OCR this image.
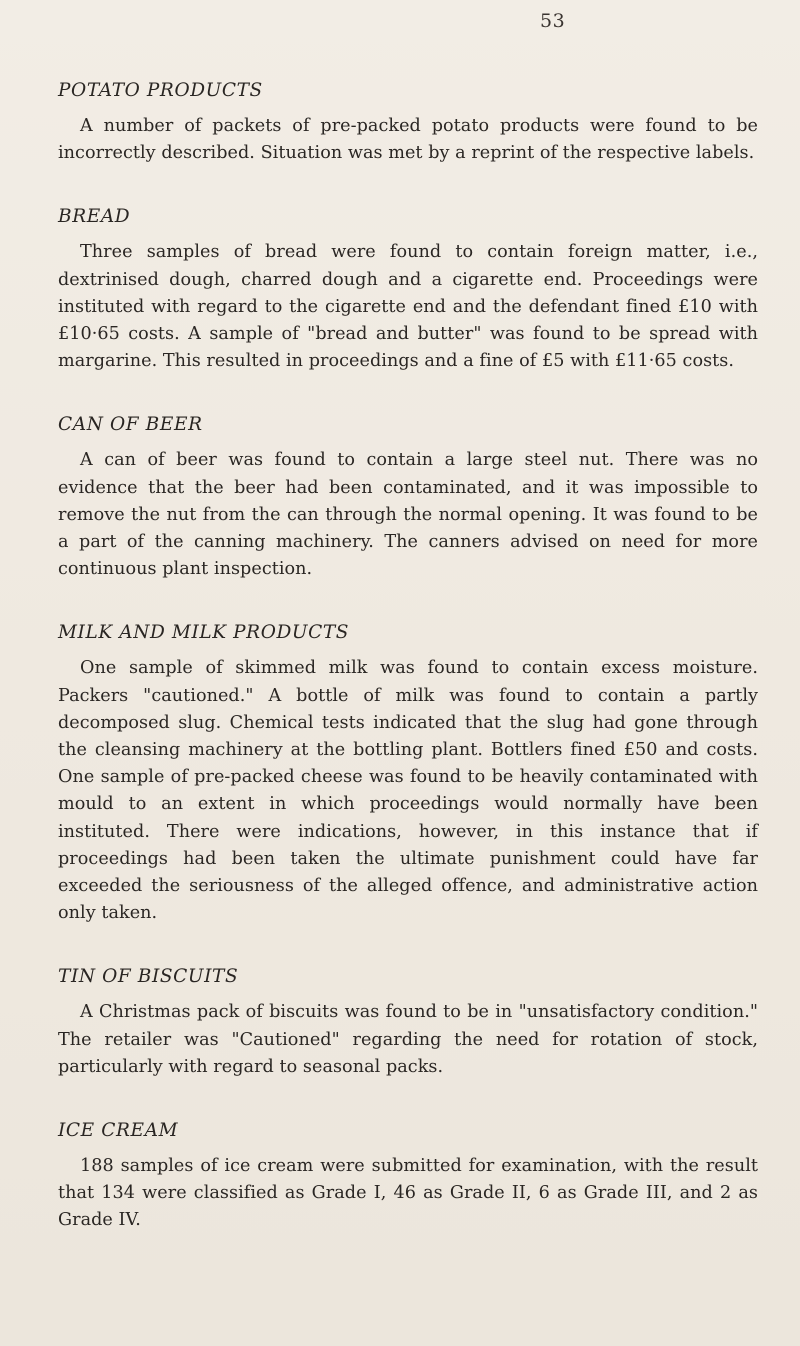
53
POTATO PRODUCTS

A number of packets of pre-packed potato products were found to be incorrectly described. Situation was met by a reprint of the respective labels.

BREAD

Three samples of bread were found to contain foreign matter, i.e., dextrinised dough, charred dough and a cigarette end. Proceedings were instituted with regard to the cigarette end and the defendant fined £10 with £10·65 costs. A sample of "bread and butter" was found to be spread with margarine. This resulted in proceedings and a fine of £5 with £11·65 costs.

CAN OF BEER

A can of beer was found to contain a large steel nut. There was no evidence that the beer had been contaminated, and it was impossible to remove the nut from the can through the normal opening. It was found to be a part of the canning machinery. The canners advised on need for more continuous plant inspection.

MILK AND MILK PRODUCTS

One sample of skimmed milk was found to contain excess moisture. Packers "cautioned." A bottle of milk was found to contain a partly decomposed slug. Chemical tests indicated that the slug had gone through the cleansing machinery at the bottling plant. Bottlers fined £50 and costs. One sample of pre-packed cheese was found to be heavily contaminated with mould to an extent in which proceedings would normally have been instituted. There were indications, however, in this instance that if proceedings had been taken the ultimate punishment could have far exceeded the seriousness of the alleged offence, and administrative action only taken.

TIN OF BISCUITS

A Christmas pack of biscuits was found to be in "unsatisfactory condition." The retailer was "Cautioned" regarding the need for rotation of stock, particularly with regard to seasonal packs.

ICE CREAM

188 samples of ice cream were submitted for examination, with the result that 134 were classified as Grade I, 46 as Grade II, 6 as Grade III, and 2 as Grade IV.
